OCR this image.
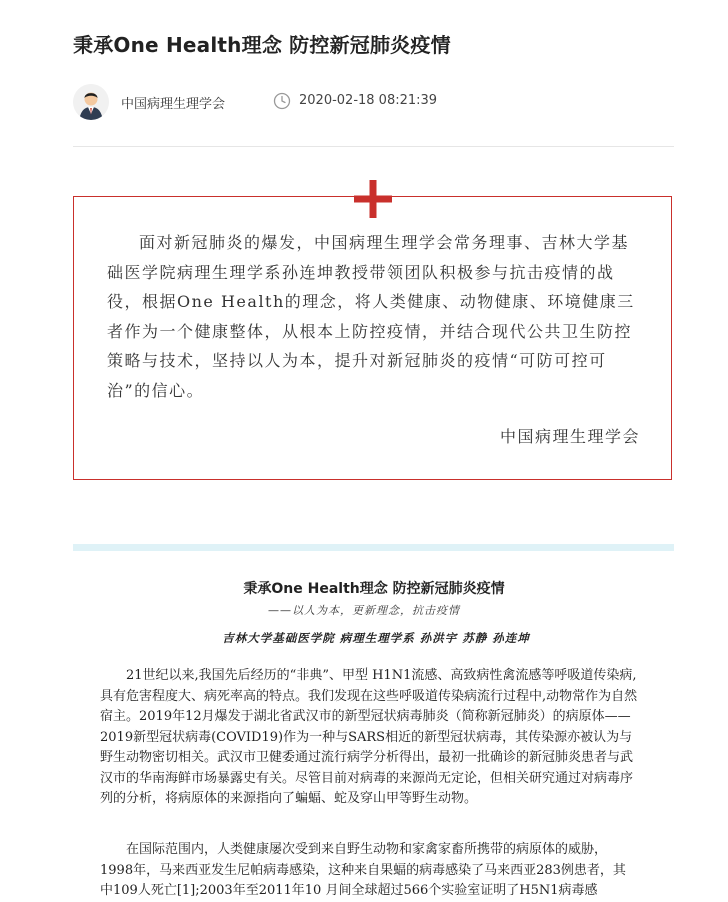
秉承One Health理念 防控新冠肺炎疫情
中国病理生理学会	2020-02-18 08:21:39

面对新冠肺炎的爆发，中国病理生理学会常务理事、吉林大学基础医学院病理生理学系孙连坤教授带领团队积极参与抗击疫情的战役，根据One Health的理念，将人类健康、动物健康、环境健康三者作为一个健康整体，从根本上防控疫情，并结合现代公共卫生防控策略与技术，坚持以人为本，提升对新冠肺炎的疫情“可防可控可治”的信心。

中国病理生理学会
秉承One Health理念 防控新冠肺炎疫情
——以人为本，更新理念，抗击疫情
吉林大学基础医学院 病理生理学系 孙洪宇 苏静 孙连坤

21世纪以来,我国先后经历的“非典”、甲型 H1N1流感、高致病性禽流感等呼吸道传染病,具有危害程度大、病死率高的特点。我们发现在这些呼吸道传染病流行过程中,动物常作为自然宿主。2019年12月爆发于湖北省武汉市的新型冠状病毒肺炎（简称新冠肺炎）的病原体——2019新型冠状病毒(COVID19)作为一种与SARS相近的新型冠状病毒，其传染源亦被认为与野生动物密切相关。武汉市卫健委通过流行病学分析得出，最初一批确诊的新冠肺炎患者与武汉市的华南海鲜市场暴露史有关。尽管目前对病毒的来源尚无定论，但相关研究通过对病毒序列的分析，将病原体的来源指向了蝙蝠、蛇及穿山甲等野生动物。

在国际范围内，人类健康屡次受到来自野生动物和家禽家畜所携带的病原体的威胁，1998年，马来西亚发生尼帕病毒感染，这种来自果蝠的病毒感染了马来西亚283例患者，其中109人死亡[1];2003年至2011年10 月间全球超过566个实验室证明了H5N1病毒感
